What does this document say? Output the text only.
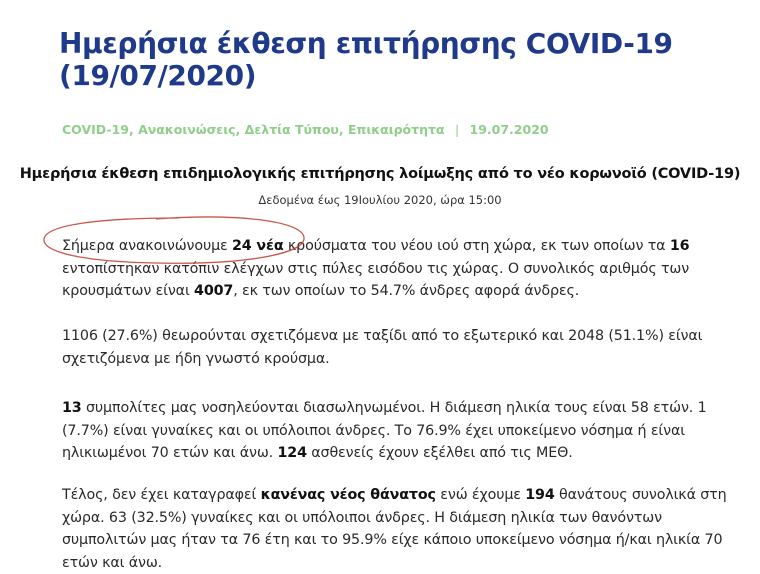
Ημερήσια έκθεση επιτήρησης COVID-19 (19/07/2020)
COVID-19, Ανακοινώσεις, Δελτία Τύπου, Επικαιρότητα | 19.07.2020
Ημερήσια έκθεση επιδημιολογικής επιτήρησης λοίμωξης από το νέο κορωνοϊό (COVID-19)
Δεδομένα έως 19Ιουλίου 2020, ώρα 15:00
Σήμερα ανακοινώνουμε 24 νέα κρούσματα του νέου ιού στη χώρα, εκ των οποίων τα 16 εντοπίστηκαν κατόπιν ελέγχων στις πύλες εισόδου τις χώρας. Ο συνολικός αριθμός των κρουσμάτων είναι 4007, εκ των οποίων το 54.7% άνδρες αφορά άνδρες.
1106 (27.6%) θεωρούνται σχετιζόμενα με ταξίδι από το εξωτερικό και 2048 (51.1%) είναι σχετιζόμενα με ήδη γνωστό κρούσμα.
13 συμπολίτες μας νοσηλεύονται διασωληνωμένοι. Η διάμεση ηλικία τους είναι 58 ετών. 1 (7.7%) είναι γυναίκες και οι υπόλοιποι άνδρες. Το 76.9% έχει υποκείμενο νόσημα ή είναι ηλικιωμένοι 70 ετών και άνω. 124 ασθενείς έχουν εξέλθει από τις ΜΕΘ.
Τέλος, δεν έχει καταγραφεί κανένας νέος θάνατος ενώ έχουμε 194 θανάτους συνολικά στη χώρα. 63 (32.5%) γυναίκες και οι υπόλοιποι άνδρες. Η διάμεση ηλικία των θανόντων συμπολιτών μας ήταν τα 76 έτη και το 95.9% είχε κάποιο υποκείμενο νόσημα ή/και ηλικία 70 ετών και άνω.
